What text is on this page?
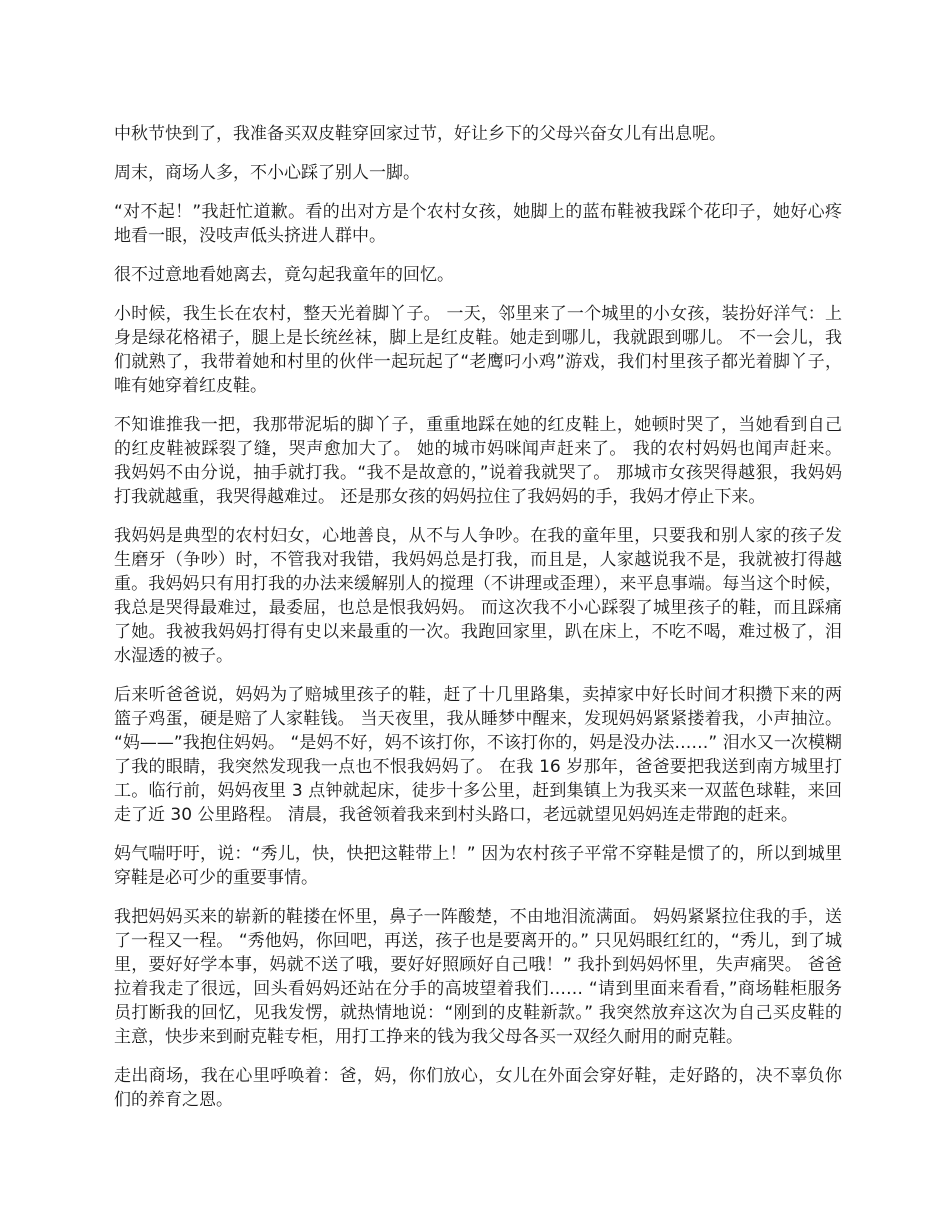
中秋节快到了，我准备买双皮鞋穿回家过节，好让乡下的父母兴奋女儿有出息呢。

周末，商场人多，不小心踩了别人一脚。

“对不起！”我赶忙道歉。看的出对方是个农村女孩，她脚上的蓝布鞋被我踩个花印子，她好心疼地看一眼，没吱声低头挤进人群中。

很不过意地看她离去，竟勾起我童年的回忆。

小时候，我生长在农村，整天光着脚丫子。 一天，邻里来了一个城里的小女孩，装扮好洋气：上身是绿花格裙子，腿上是长统丝袜，脚上是红皮鞋。她走到哪儿，我就跟到哪儿。 不一会儿，我们就熟了，我带着她和村里的伙伴一起玩起了“老鹰叼小鸡”游戏，我们村里孩子都光着脚丫子，唯有她穿着红皮鞋。

不知谁推我一把，我那带泥垢的脚丫子，重重地踩在她的红皮鞋上，她顿时哭了，当她看到自己的红皮鞋被踩裂了缝，哭声愈加大了。 她的城市妈咪闻声赶来了。 我的农村妈妈也闻声赶来。 我妈妈不由分说，抽手就打我。“我不是故意的，”说着我就哭了。 那城市女孩哭得越狠，我妈妈打我就越重，我哭得越难过。 还是那女孩的妈妈拉住了我妈妈的手，我妈才停止下来。

我妈妈是典型的农村妇女，心地善良，从不与人争吵。在我的童年里，只要我和别人家的孩子发生磨牙（争吵）时，不管我对我错，我妈妈总是打我，而且是，人家越说我不是，我就被打得越重。我妈妈只有用打我的办法来缓解别人的搅理（不讲理或歪理），来平息事端。每当这个时候，我总是哭得最难过，最委屈，也总是恨我妈妈。 而这次我不小心踩裂了城里孩子的鞋，而且踩痛了她。我被我妈妈打得有史以来最重的一次。我跑回家里，趴在床上，不吃不喝，难过极了，泪水湿透的被子。

后来听爸爸说，妈妈为了赔城里孩子的鞋，赶了十几里路集，卖掉家中好长时间才积攒下来的两篮子鸡蛋，硬是赔了人家鞋钱。 当天夜里，我从睡梦中醒来，发现妈妈紧紧搂着我，小声抽泣。 “妈——”我抱住妈妈。 “是妈不好，妈不该打你，不该打你的，妈是没办法……” 泪水又一次模糊了我的眼睛，我突然发现我一点也不恨我妈妈了。 在我 16 岁那年，爸爸要把我送到南方城里打工。临行前，妈妈夜里 3 点钟就起床，徒步十多公里，赶到集镇上为我买来一双蓝色球鞋，来回走了近 30 公里路程。 清晨，我爸领着我来到村头路口，老远就望见妈妈连走带跑的赶来。

妈气喘吁吁，说：“秀儿，快，快把这鞋带上！” 因为农村孩子平常不穿鞋是惯了的，所以到城里穿鞋是必可少的重要事情。

我把妈妈买来的崭新的鞋搂在怀里，鼻子一阵酸楚，不由地泪流满面。 妈妈紧紧拉住我的手，送了一程又一程。 “秀他妈，你回吧，再送，孩子也是要离开的。” 只见妈眼红红的，“秀儿，到了城里，要好好学本事，妈就不送了哦，要好好照顾好自己哦！” 我扑到妈妈怀里，失声痛哭。 爸爸拉着我走了很远，回头看妈妈还站在分手的高坡望着我们…… “请到里面来看看，”商场鞋柜服务员打断我的回忆，见我发愣，就热情地说：“刚到的皮鞋新款。” 我突然放弃这次为自己买皮鞋的主意，快步来到耐克鞋专柜，用打工挣来的钱为我父母各买一双经久耐用的耐克鞋。

走出商场，我在心里呼唤着：爸，妈，你们放心，女儿在外面会穿好鞋，走好路的，决不辜负你们的养育之恩。
